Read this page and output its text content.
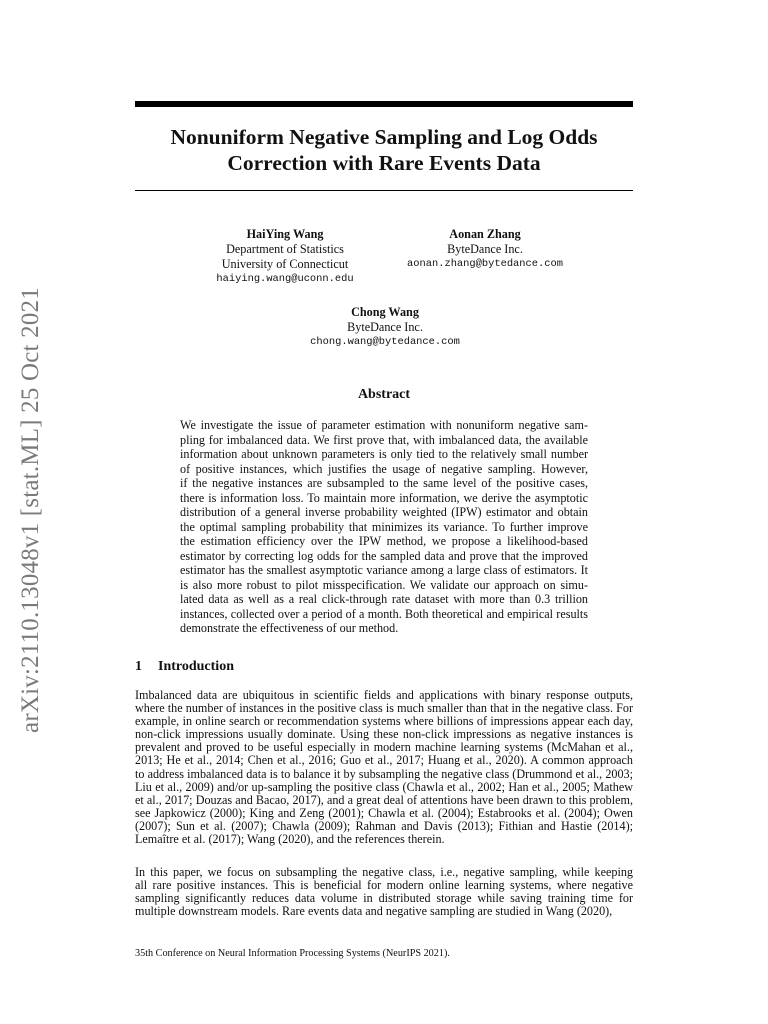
arXiv:2110.13048v1 [stat.ML] 25 Oct 2021
Nonuniform Negative Sampling and Log Odds
Correction with Rare Events Data
HaiYing Wang
Department of Statistics
University of Connecticut
haiying.wang@uconn.edu
Aonan Zhang
ByteDance Inc.
aonan.zhang@bytedance.com
Chong Wang
ByteDance Inc.
chong.wang@bytedance.com
Abstract
We investigate the issue of parameter estimation with nonuniform negative sam-
pling for imbalanced data. We first prove that, with imbalanced data, the available
information about unknown parameters is only tied to the relatively small number
of positive instances, which justifies the usage of negative sampling. However,
if the negative instances are subsampled to the same level of the positive cases,
there is information loss. To maintain more information, we derive the asymptotic
distribution of a general inverse probability weighted (IPW) estimator and obtain
the optimal sampling probability that minimizes its variance. To further improve
the estimation efficiency over the IPW method, we propose a likelihood-based
estimator by correcting log odds for the sampled data and prove that the improved
estimator has the smallest asymptotic variance among a large class of estimators. It
is also more robust to pilot misspecification. We validate our approach on simu-
lated data as well as a real click-through rate dataset with more than 0.3 trillion
instances, collected over a period of a month. Both theoretical and empirical results
demonstrate the effectiveness of our method.
1 Introduction
Imbalanced data are ubiquitous in scientific fields and applications with binary response outputs,
where the number of instances in the positive class is much smaller than that in the negative class. For
example, in online search or recommendation systems where billions of impressions appear each day,
non-click impressions usually dominate. Using these non-click impressions as negative instances is
prevalent and proved to be useful especially in modern machine learning systems (McMahan et al.,
2013; He et al., 2014; Chen et al., 2016; Guo et al., 2017; Huang et al., 2020). A common approach
to address imbalanced data is to balance it by subsampling the negative class (Drummond et al., 2003;
Liu et al., 2009) and/or up-sampling the positive class (Chawla et al., 2002; Han et al., 2005; Mathew
et al., 2017; Douzas and Bacao, 2017), and a great deal of attentions have been drawn to this problem,
see Japkowicz (2000); King and Zeng (2001); Chawla et al. (2004); Estabrooks et al. (2004); Owen
(2007); Sun et al. (2007); Chawla (2009); Rahman and Davis (2013); Fithian and Hastie (2014);
Lemaître et al. (2017); Wang (2020), and the references therein.
In this paper, we focus on subsampling the negative class, i.e., negative sampling, while keeping
all rare positive instances. This is beneficial for modern online learning systems, where negative
sampling significantly reduces data volume in distributed storage while saving training time for
multiple downstream models. Rare events data and negative sampling are studied in Wang (2020),

35th Conference on Neural Information Processing Systems (NeurIPS 2021).
